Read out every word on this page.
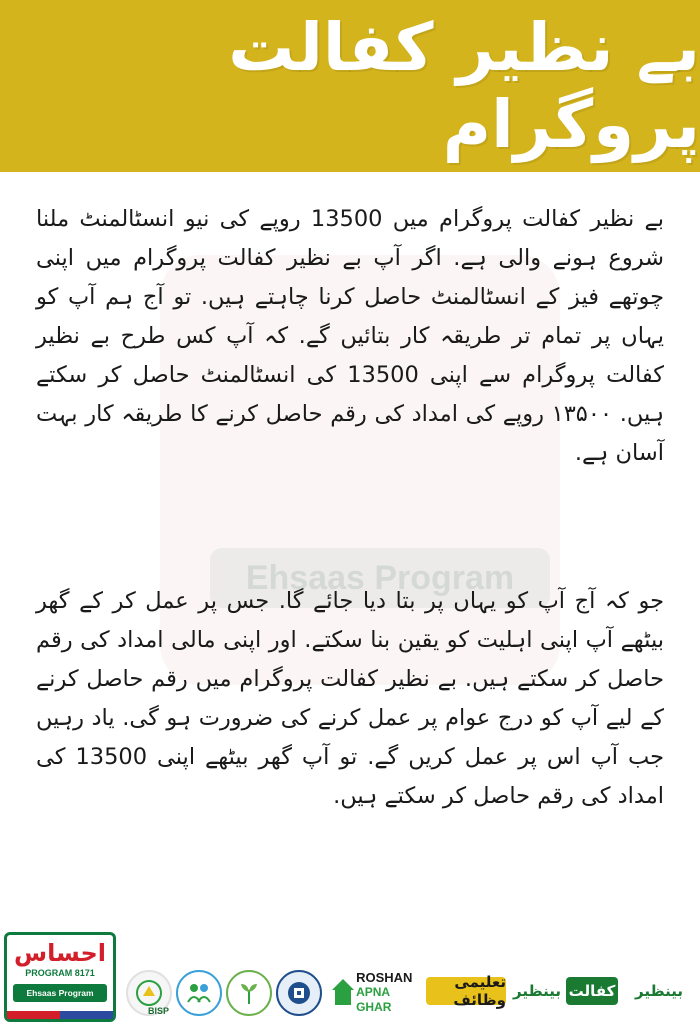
بے نظیر کفالت پروگرام
Ehsaas Program

بے نظیر کفالت پروگرام میں 13500 روپے کی نیو انسٹالمنٹ ملنا شروع ہونے والی ہے. اگر آپ بے نظیر کفالت پروگرام میں اپنی چوتھے فیز کے انسٹالمنٹ حاصل کرنا چاہتے ہیں. تو آج ہم آپ کو یہاں پر تمام تر طریقہ کار بتائیں گے. کہ آپ کس طرح بے نظیر کفالت پروگرام سے اپنی 13500 کی انسٹالمنٹ حاصل کر سکتے ہیں. ۱۳۵۰۰ روپے کی امداد کی رقم حاصل کرنے کا طریقہ کار بہت آسان ہے.

جو کہ آج آپ کو یہاں پر بتا دیا جائے گا. جس پر عمل کر کے گھر بیٹھے آپ اپنی اہلیت کو یقین بنا سکتے. اور اپنی مالی امداد کی رقم حاصل کر سکتے ہیں. بے نظیر کفالت پروگرام میں رقم حاصل کرنے کے لیے آپ کو درج عوام پر عمل کرنے کی ضرورت ہو گی. یاد رہیں جب آپ اس پر عمل کریں گے. تو آپ گھر بیٹھے اپنی 13500 کی امداد کی رقم حاصل کر سکتے ہیں.

احساس
PROGRAM 8171
Ehsaas Program
BISP
ROSHAN
APNA GHAR
تعلیمی وظائف بینظیر کفالت	بینظیر
